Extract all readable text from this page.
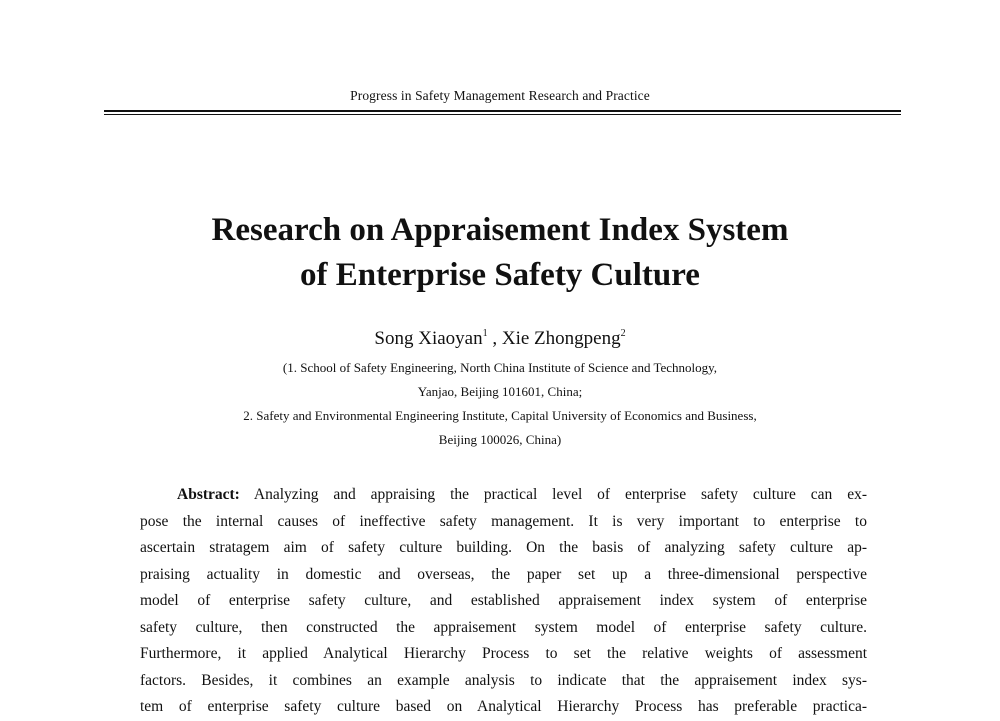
Progress in Safety Management Research and Practice
Research on Appraisement Index System
of Enterprise Safety Culture
Song Xiaoyan$^1$ , Xie Zhongpeng$^2$
(1. School of Safety Engineering, North China Institute of Science and Technology,
Yanjao, Beijing 101601, China;
2. Safety and Environmental Engineering Institute, Capital University of Economics and Business,
Beijing 100026, China)
Abstract: Analyzing and appraising the practical level of enterprise safety culture can ex-
pose the internal causes of ineffective safety management. It is very important to enterprise to
ascertain stratagem aim of safety culture building. On the basis of analyzing safety culture ap-
praising actuality in domestic and overseas, the paper set up a three-dimensional perspective
model of enterprise safety culture, and established appraisement index system of enterprise
safety culture, then constructed the appraisement system model of enterprise safety culture.
Furthermore, it applied Analytical Hierarchy Process to set the relative weights of assessment
factors. Besides, it combines an example analysis to indicate that the appraisement index sys-
tem of enterprise safety culture based on Analytical Hierarchy Process has preferable practica-
